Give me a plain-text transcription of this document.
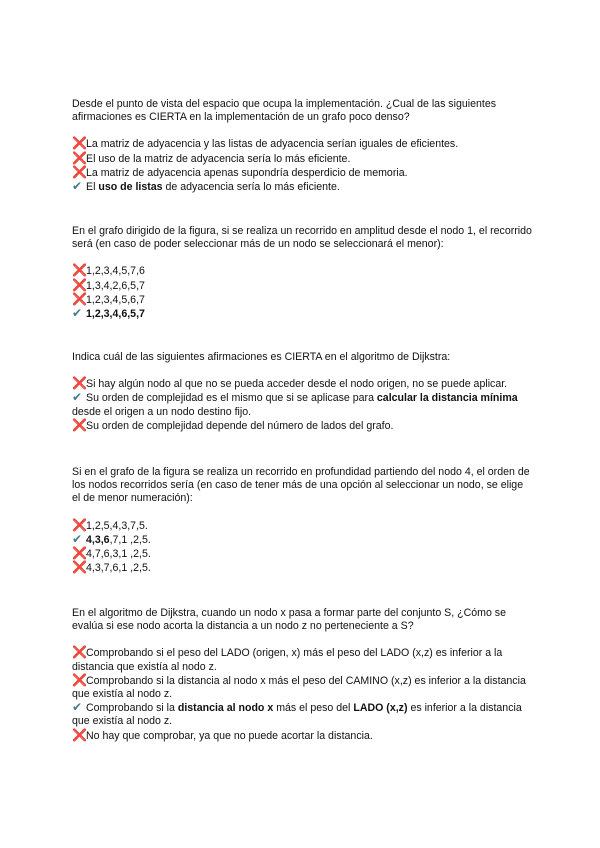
Desde el punto de vista del espacio que ocupa la implementación. ¿Cual de las siguientes afirmaciones es CIERTA en la implementación de un grafo poco denso?

❌La matriz de adyacencia y las listas de adyacencia serían iguales de eficientes.
❌El uso de la matriz de adyacencia sería lo más eficiente.
❌La matriz de adyacencia apenas supondría desperdicio de memoria.
✔ El uso de listas de adyacencia sería lo más eficiente.

En el grafo dirigido de la figura, si se realiza un recorrido en amplitud desde el nodo 1, el recorrido será (en caso de poder seleccionar más de un nodo se seleccionará el menor):

❌1,2,3,4,5,7,6
❌1,3,4,2,6,5,7
❌1,2,3,4,5,6,7
✔ 1,2,3,4,6,5,7

Indica cuál de las siguientes afirmaciones es CIERTA en el algoritmo de Dijkstra:

❌Si hay algún nodo al que no se pueda acceder desde el nodo origen, no se puede aplicar.
✔ Su orden de complejidad es el mismo que si se aplicase para calcular la distancia mínima desde el origen a un nodo destino fijo.
❌Su orden de complejidad depende del número de lados del grafo.

Si en el grafo de la figura se realiza un recorrido en profundidad partiendo del nodo 4, el orden de los nodos recorridos sería (en caso de tener más de una opción al seleccionar un nodo, se elige el de menor numeración):

❌1,2,5,4,3,7,5.
✔ 4,3,6,7,1 ,2,5.
❌4,7,6,3,1 ,2,5.
❌4,3,7,6,1 ,2,5.

En el algoritmo de Dijkstra, cuando un nodo x pasa a formar parte del conjunto S, ¿Cómo se evalúa si ese nodo acorta la distancia a un nodo z no perteneciente a S?

❌Comprobando si el peso del LADO (origen, x) más el peso del LADO (x,z) es inferior a la distancia que existía al nodo z.
❌Comprobando si la distancia al nodo x más el peso del CAMINO (x,z) es inferior a la distancia que existía al nodo z.
✔ Comprobando si la distancia al nodo x más el peso del LADO (x,z) es inferior a la distancia que existía al nodo z.
❌No hay que comprobar, ya que no puede acortar la distancia.
